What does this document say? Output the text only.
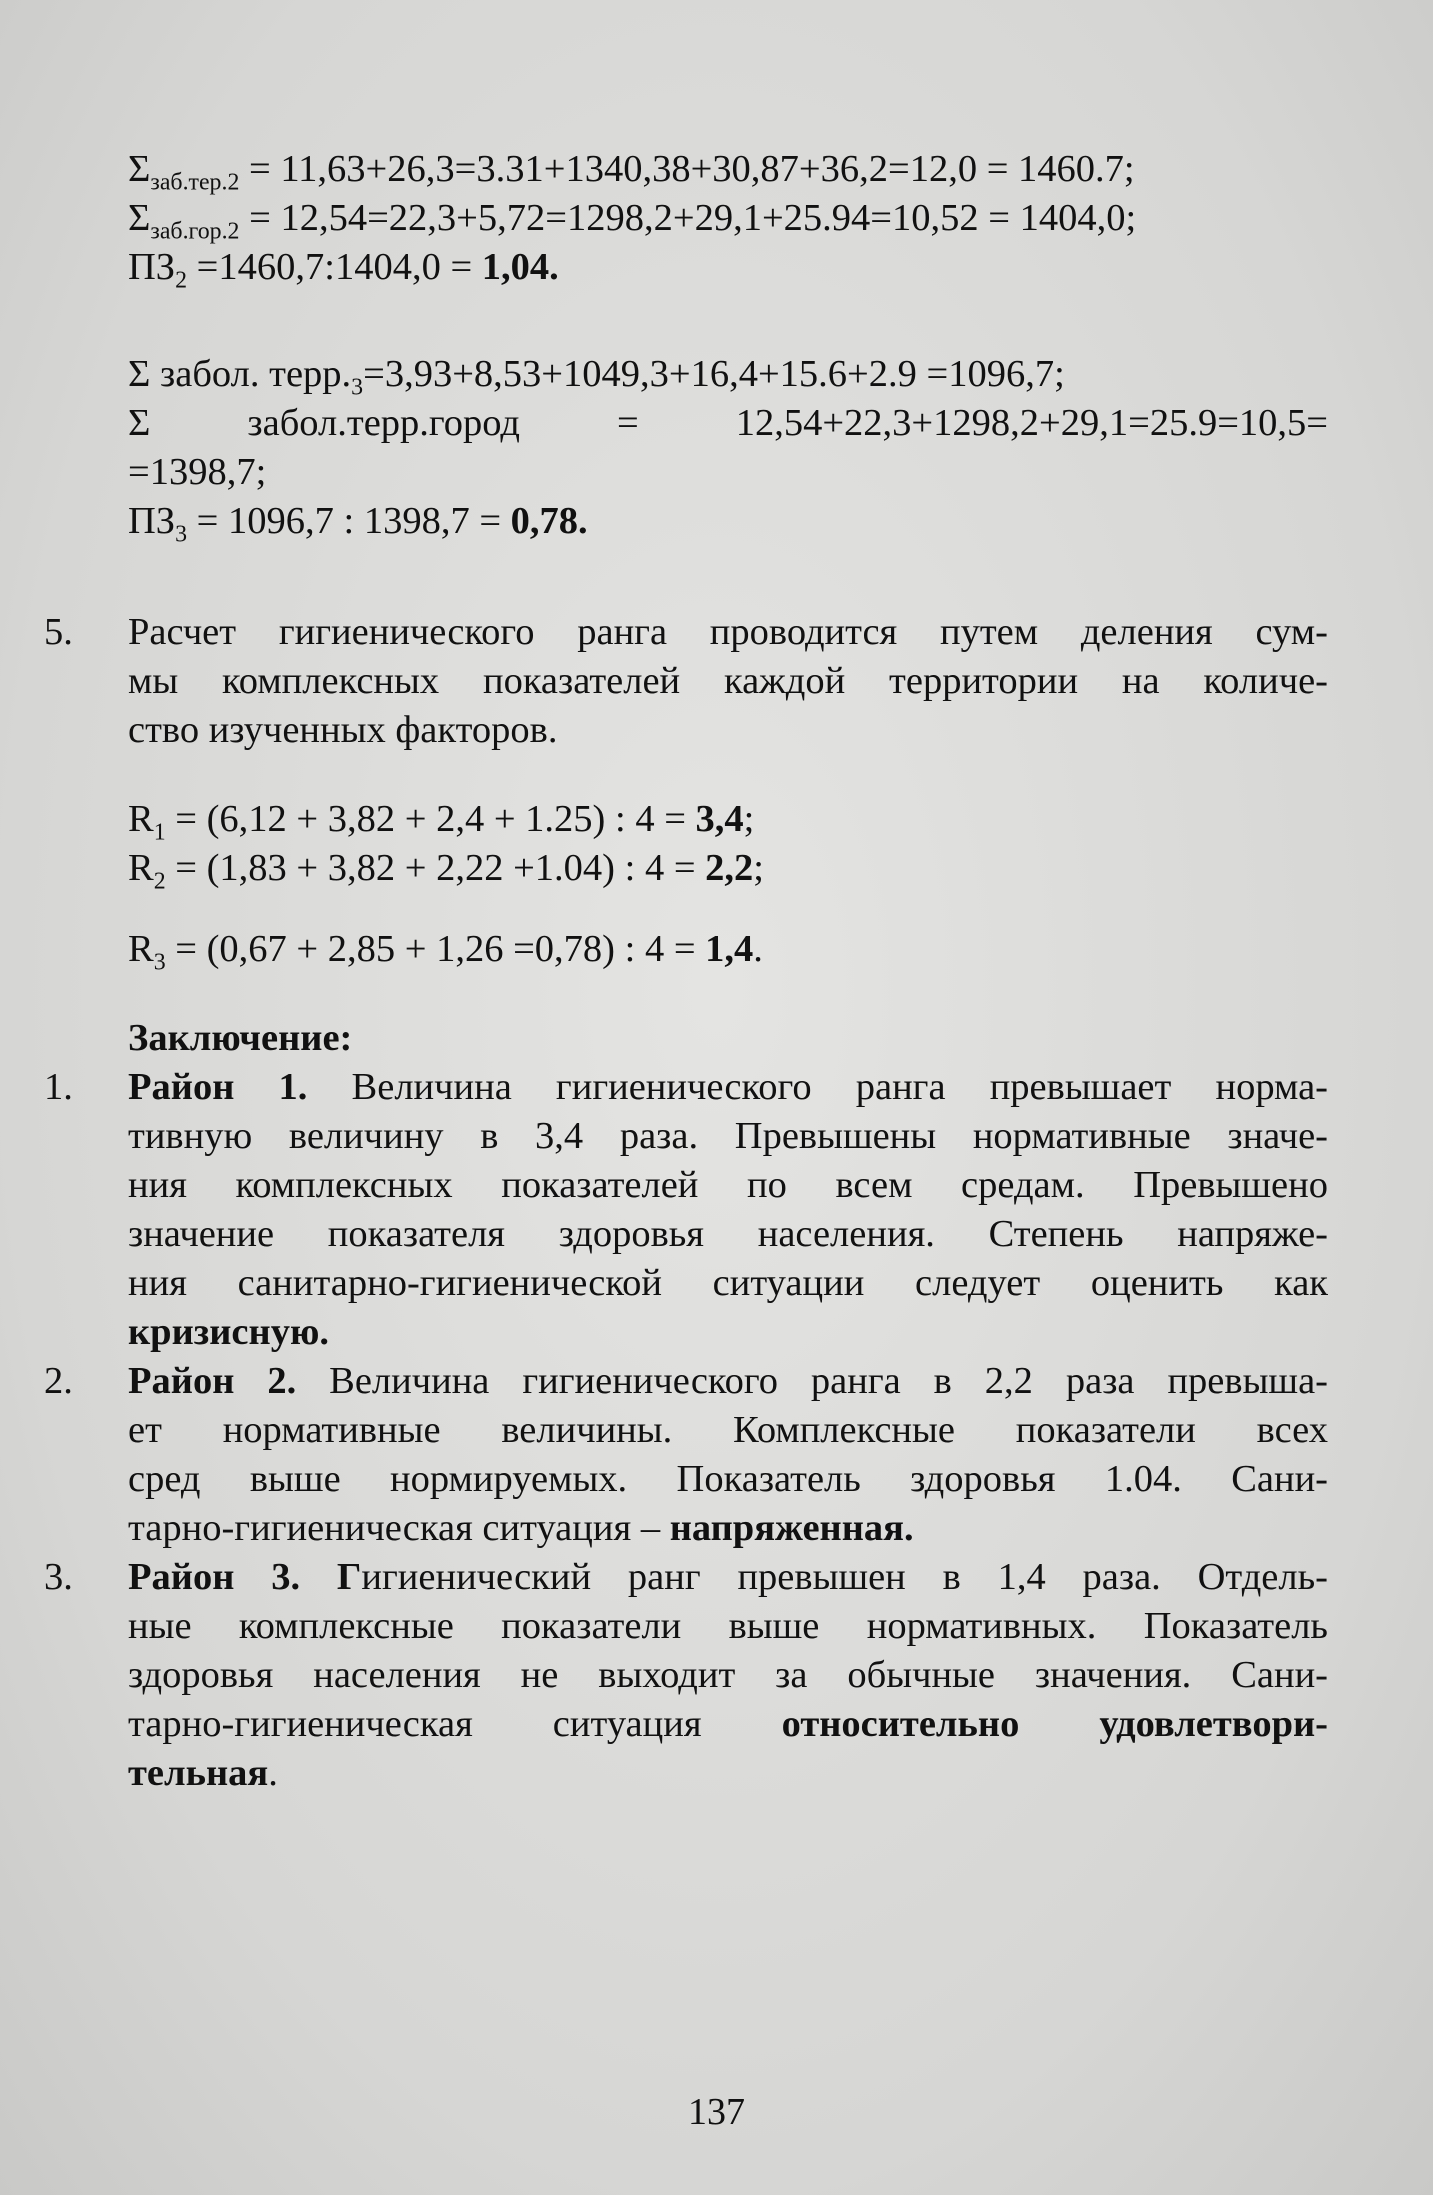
$\Sigma_{заб.тер.2} = 11,63+26,3=3.31+1340,38+30,87+36,2=12,0 = 1460.7$;
$\Sigma_{заб.гор.2} = 12,54=22,3+5,72=1298,2+29,1+25.94=10,52 = 1404,0$;
$ПЗ_2$ =1460,7:1404,0 = 1,04.
Σ забол. $терр._3=3,93+8,53+1049,3+16,4+15.6+2.9 =1096,7$;
Σ  забол.терр.город  =  12,54+22,3+1298,2+29,1=25.9=10,5=
=1398,7;
$ПЗ_3 = 1096,7$ : 1398,7 = 0,78.
5.	Расчет гигиенического ранга проводится путем деления сум-
мы комплексных показателей каждой территории на количе-
ство изученных факторов.
$R_1 = (6,12 + 3,82 + 2,4 + 1.25)$ : 4 = 3,4;
$R_2 = (1,83 + 3,82 + 2,22 +1.04)$ : 4 = 2,2;
$R_3 = (0,67 + 2,85 + 1,26 =0,78)$ : 4 = 1,4.
Заключение:
1.	Район 1. Величина гигиенического ранга превышает норма-
тивную величину в 3,4 раза. Превышены нормативные значе-
ния комплексных показателей по всем средам. Превышено
значение показателя здоровья населения. Степень напряже-
ния санитарно-гигиенической ситуации следует оценить как
кризисную.
2.	Район 2. Величина гигиенического ранга в 2,2 раза превыша-
ет нормативные величины. Комплексные показатели всех
сред выше нормируемых. Показатель здоровья 1.04. Сани-
тарно-гигиеническая ситуация – напряженная.
3.	Район 3. Гигиенический ранг превышен в 1,4 раза. Отдель-
ные комплексные показатели выше нормативных. Показатель
здоровья населения не выходит за обычные значения. Сани-
тарно-гигиеническая ситуация относительно удовлетвори-
тельная.
137
